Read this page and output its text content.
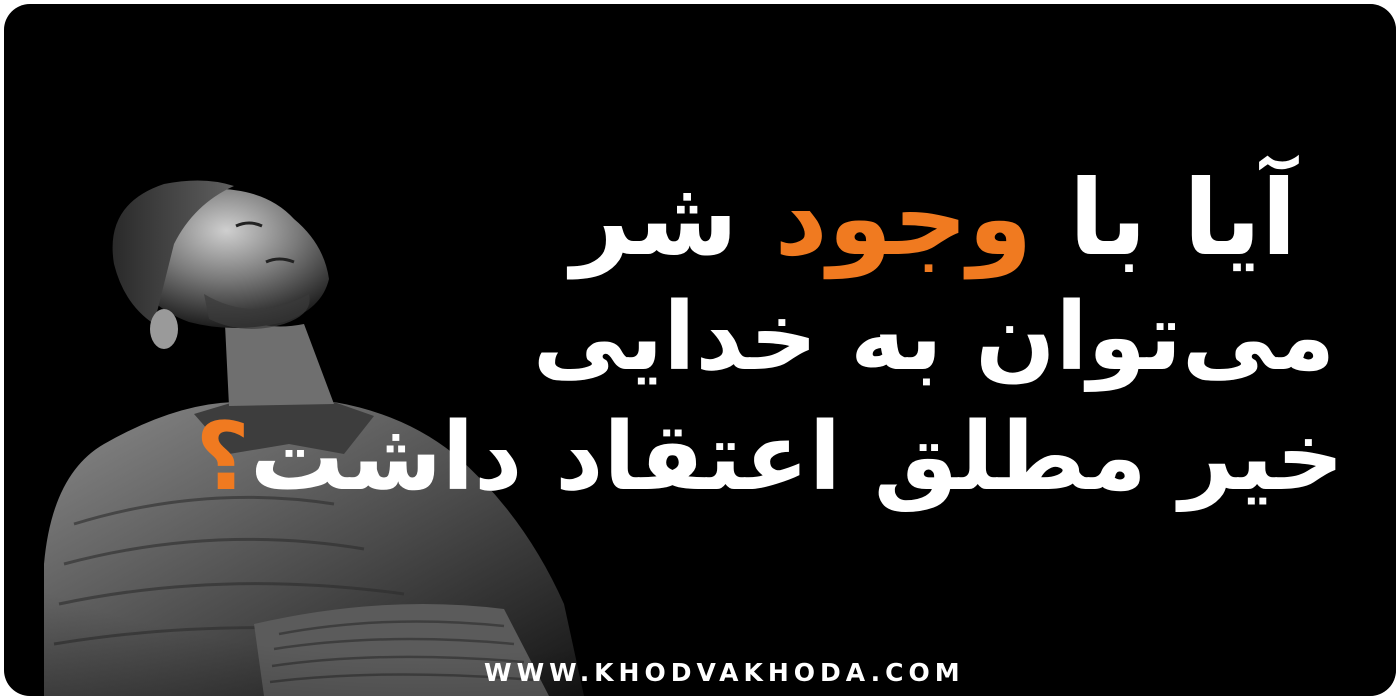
آیا با وجود شر
می‌توان به خدایی
خیر مطلق اعتقاد داشت؟
WWW.KHODVAKHODA.COM
